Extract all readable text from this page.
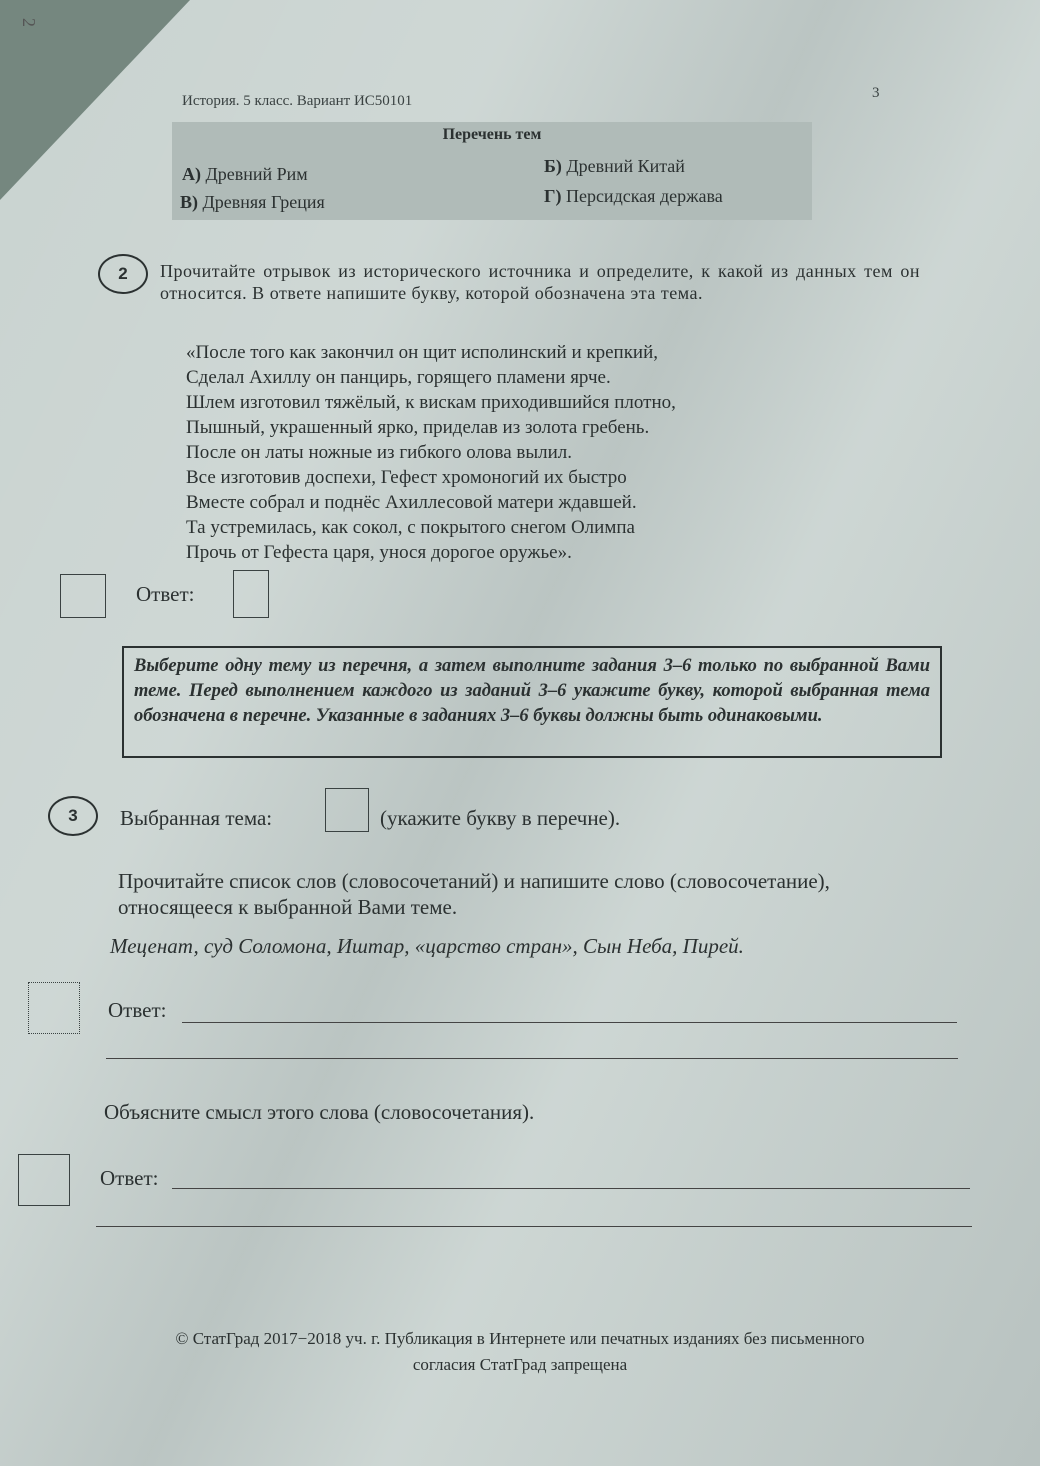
2
История. 5 класс. Вариант ИС50101	3
Перечень тем
А) Древний Рим	Б) Древний Китай
В) Древняя Греция	Г) Персидская держава
2	Прочитайте отрывок из исторического источника и определите, к какой из данных тем он относится. В ответе напишите букву, которой обозначена эта тема.
«После того как закончил он щит исполинский и крепкий,
Сделал Ахиллу он панцирь, горящего пламени ярче.
Шлем изготовил тяжёлый, к вискам приходившийся плотно,
Пышный, украшенный ярко, приделав из золота гребень.
После он латы ножные из гибкого олова вылил.
Все изготовив доспехи, Гефест хромоногий их быстро
Вместе собрал и поднёс Ахиллесовой матери ждавшей.
Та устремилась, как сокол, с покрытого снегом Олимпа
Прочь от Гефеста царя, унося дорогое оружье».
Ответ:
Выберите одну тему из перечня, а затем выполните задания 3–6 только по выбранной Вами теме. Перед выполнением каждого из заданий 3–6 укажите букву, которой выбранная тема обозначена в перечне. Указанные в заданиях 3–6 буквы должны быть одинаковыми.
3	Выбранная тема:	(укажите букву в перечне).
Прочитайте список слов (словосочетаний) и напишите слово (словосочетание), относящееся к выбранной Вами теме.
Меценат, суд Соломона, Иштар, «царство стран», Сын Неба, Пирей.
Ответ:
Объясните смысл этого слова (словосочетания).
Ответ:
© СтатГрад 2017−2018 уч. г. Публикация в Интернете или печатных изданиях без письменного
согласия СтатГрад запрещена
